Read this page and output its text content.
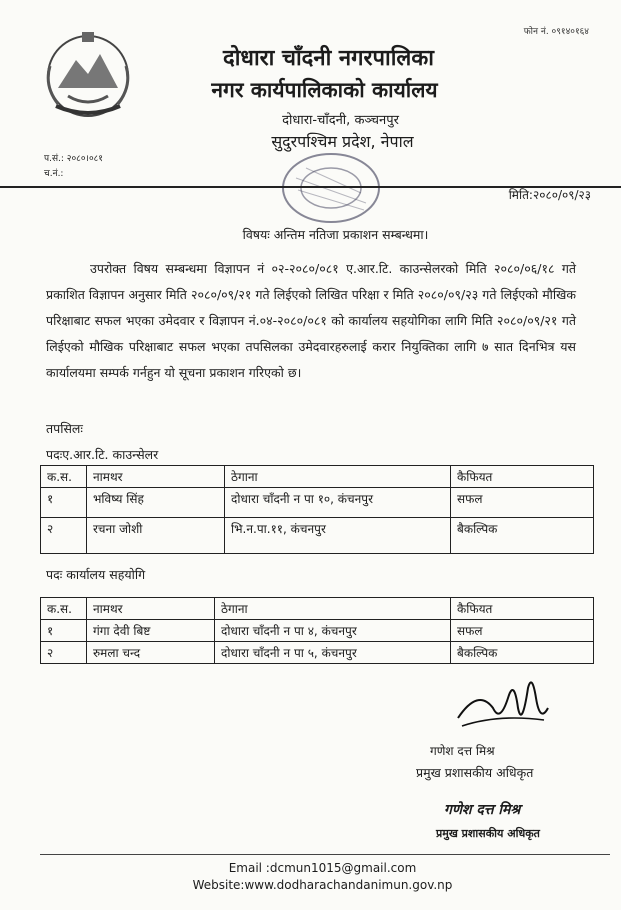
फोन नं. ०९१४०१६४
दोधारा चाँदनी नगरपालिका
नगर कार्यपालिकाको कार्यालय
दोधारा-चाँदनी, कञ्चनपुर
सुदुरपश्चिम प्रदेश, नेपाल
प.सं.: २०८०।०८१
च.नं.:
मिति:२०८०/०९/२३
विषयः अन्तिम नतिजा प्रकाशन सम्बन्धमा।
उपरोक्त विषय सम्बन्धमा विज्ञापन नं ०२-२०८०/०८१ ए.आर.टि. काउन्सेलरको मिति २०८०/०६/१८ गते प्रकाशित विज्ञापन अनुसार मिति २०८०/०९/२१ गते लिईएको लिखित परिक्षा र मिति २०८०/०९/२३ गते लिईएको मौखिक परिक्षाबाट सफल भएका उमेदवार र विज्ञापन नं.०४-२०८०/०८१ को कार्यालय सहयोगिका लागि मिति २०८०/०९/२१ गते लिईएको मौखिक परिक्षाबाट सफल भएका तपसिलका उमेदवारहरुलाई करार नियुक्तिका लागि ७ सात दिनभित्र यस कार्यालयमा सम्पर्क गर्नहुन यो सूचना प्रकाशन गरिएको छ।
तपसिलः
पदःए.आर.टि. काउन्सेलर
क.स.	नामथर	ठेगाना	कैफियत
१	भविष्य सिंह	दोधारा चाँदनी न पा १०, कंचनपुर	सफल
२	रचना जोशी	भि.न.पा.११, कंचनपुर	बैकल्पिक
पदः कार्यालय सहयोगि
क.स.	नामथर	ठेगाना	कैफियत
१	गंगा देवी बिष्ट	दोधारा चाँदनी न पा ४, कंचनपुर	सफल
२	रुमला चन्द	दोधारा चाँदनी न पा ५, कंचनपुर	बैकल्पिक
गणेश दत्त मिश्र
प्रमुख प्रशासकीय अधिकृत
गणेश दत्त मिश्र
प्रमुख प्रशासकीय अधिकृत
Email :dcmun1015@gmail.com
Website:www.dodharachandanimun.gov.np
